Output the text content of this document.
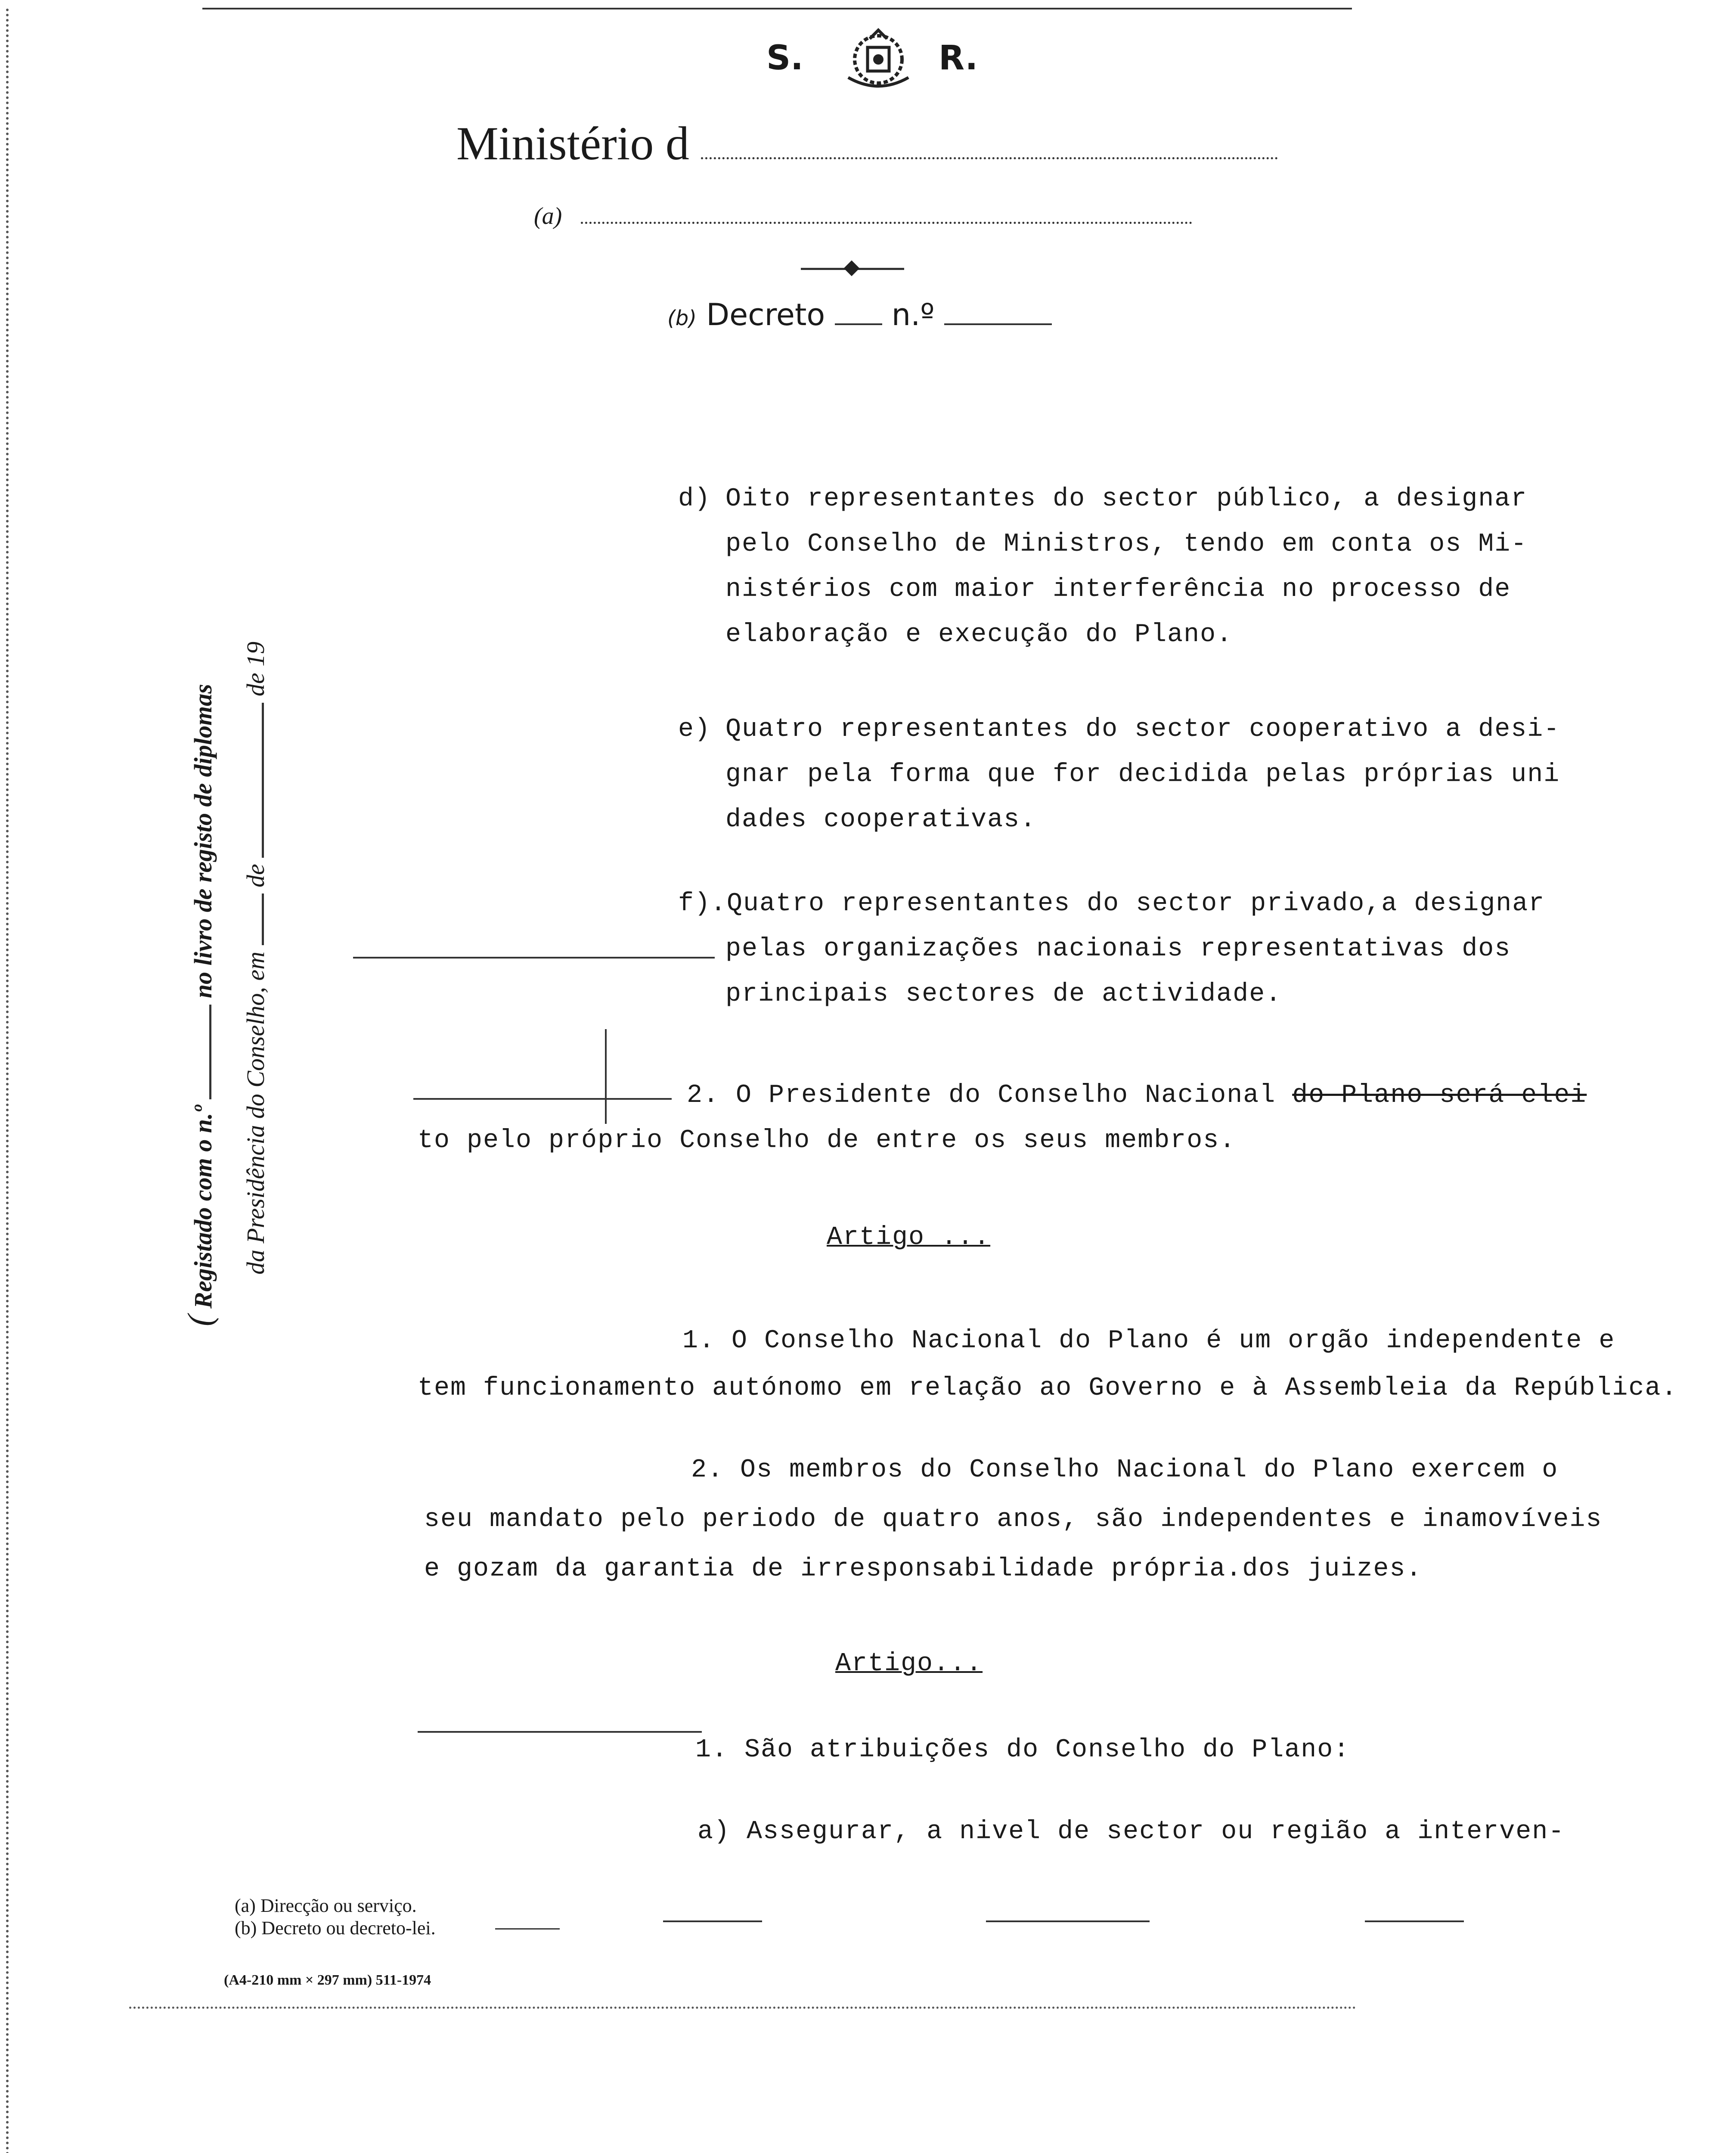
S.	R.
Ministério d
(a)
(b) Decreto n.º
( Registado com o n.º  no livro de registo de diplomas
da Presidência do Conselho, em  de  de 19
d) Oito representantes do sector público, a designar
pelo Conselho de Ministros, tendo em conta os Mi-
nistérios com maior interferência no processo de
elaboração e execução do Plano.
e) Quatro representantes do sector cooperativo a desi-
gnar pela forma que for decidida pelas próprias uni
dades cooperativas.
f)
.Quatro representantes do sector privado,a designar
pelas organizações nacionais representativas dos
principais sectores de actividade.
2. O Presidente do Conselho Nacional do Plano será elei
to pelo próprio Conselho de entre os seus membros.
Artigo ...
1. O Conselho Nacional do Plano é um orgão independente e
tem funcionamento autónomo em relação ao Governo e à Assembleia da República.
2. Os membros do Conselho Nacional do Plano exercem o
seu mandato pelo periodo de quatro anos, são independentes e inamovíveis
e gozam da garantia de irresponsabilidade própria.dos juizes.
Artigo...
1. São atribuições do Conselho do Plano:
a) Assegurar, a nivel de sector ou região a interven-
(a) Direcção ou serviço.
(b) Decreto ou decreto-lei.
(A4-210 mm × 297 mm) 511-1974
